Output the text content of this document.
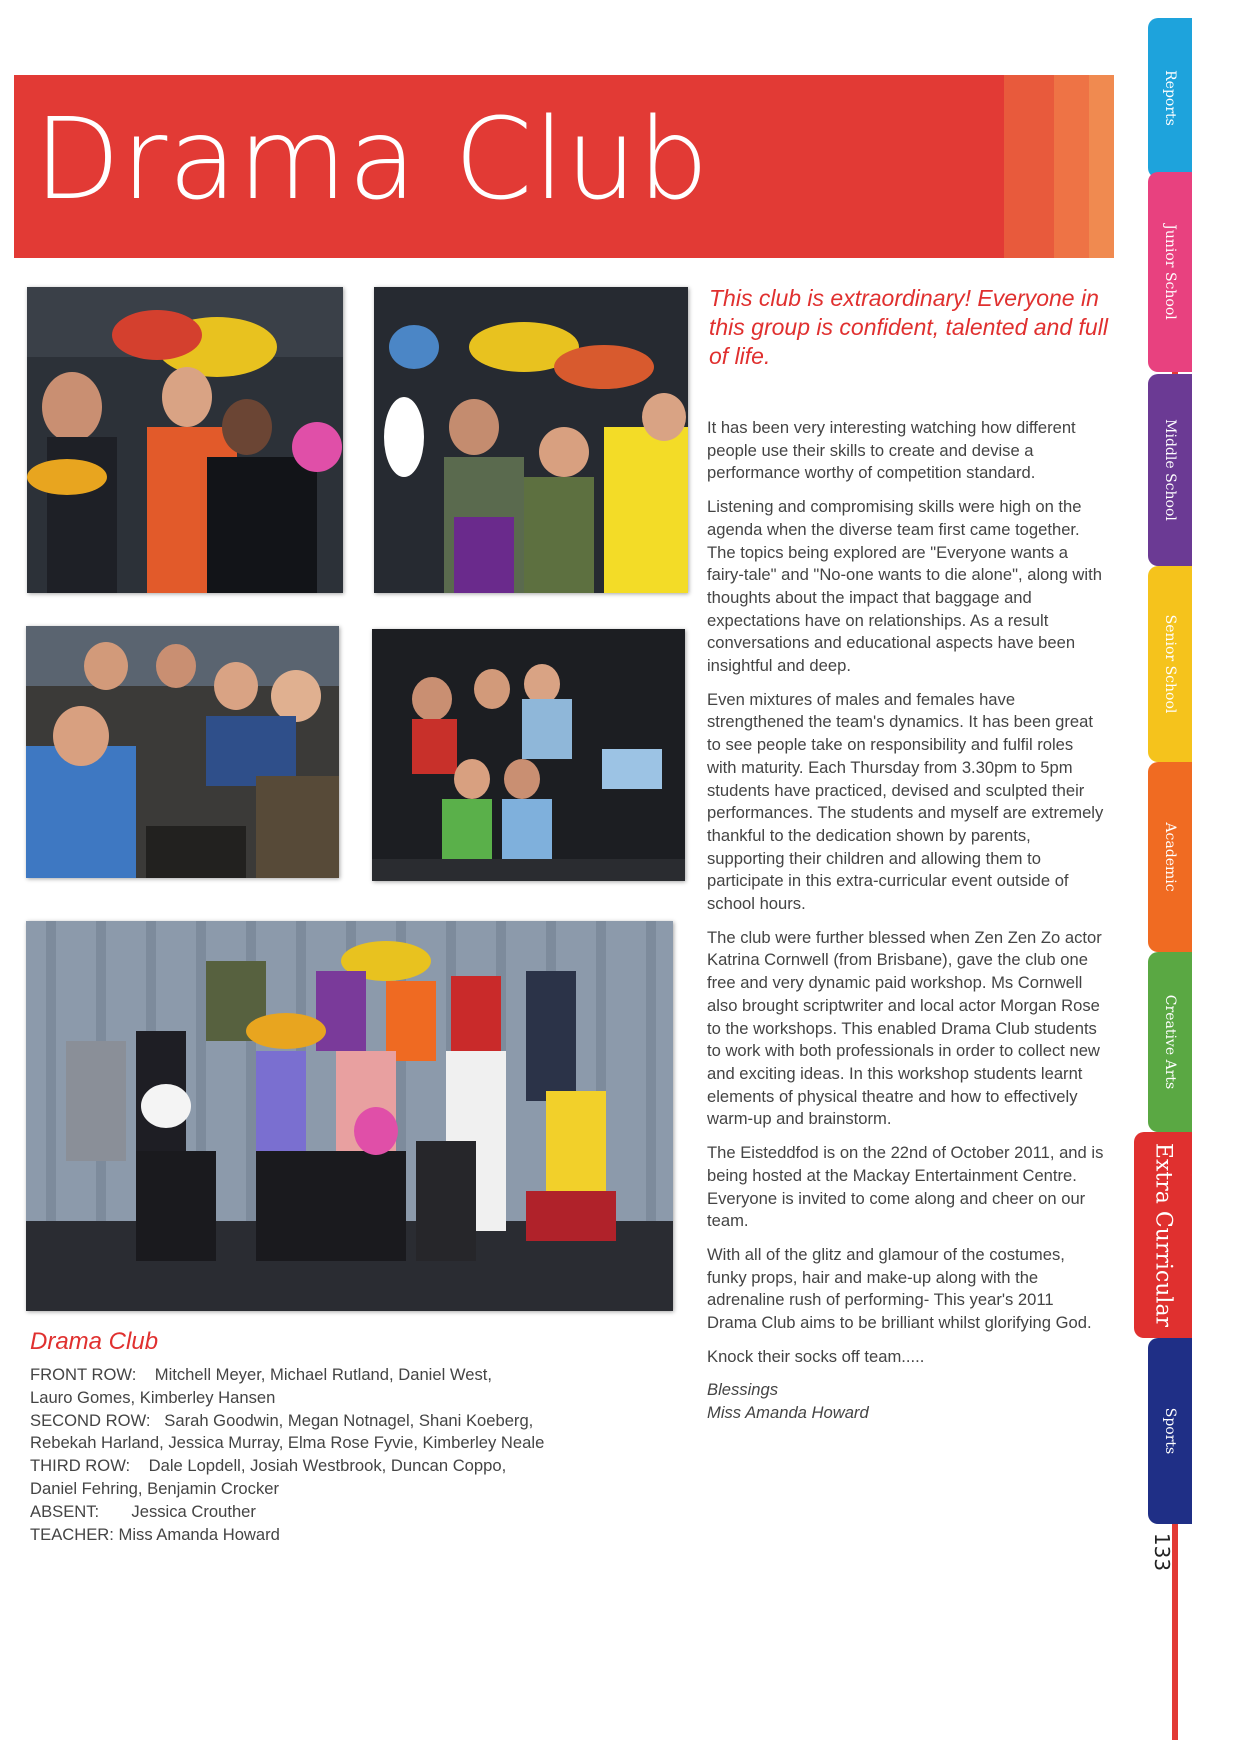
Drama Club

This club is extraordinary! Everyone in this group is confident, talented and full of life.

It has been very interesting watching how different people use their skills to create and devise a performance worthy of competition standard.

Listening and compromising skills were high on the agenda when the diverse team first came together. The topics being explored are "Everyone wants a fairy-tale" and "No-one wants to die alone", along with thoughts about the impact that baggage and expectations have on relationships. As a result conversations and educational aspects have been insightful and deep.

Even mixtures of males and females have strengthened the team's dynamics. It has been great to see people take on responsibility and fulfil roles with maturity. Each Thursday from 3.30pm to 5pm students have practiced, devised and sculpted their performances. The students and myself are extremely thankful to the dedication shown by parents, supporting their children and allowing them to participate in this extra-curricular event outside of school hours.

The club were further blessed when Zen Zen Zo actor Katrina Cornwell (from Brisbane), gave the club one free and very dynamic paid workshop. Ms Cornwell also brought scriptwriter and local actor Morgan Rose to the workshops. This enabled Drama Club students to work with both professionals in order to collect new and exciting ideas. In this workshop students learnt elements of physical theatre and how to effectively warm-up and brainstorm.

The Eisteddfod is on the 22nd of October 2011, and is being hosted at the Mackay Entertainment Centre. Everyone is invited to come along and cheer on our team.

With all of the glitz and glamour of the costumes, funky props, hair and make-up along with the adrenaline rush of performing- This year's 2011 Drama Club aims to be brilliant whilst glorifying God.

Knock their socks off team.....

Blessings
Miss Amanda Howard

Drama Club

FRONT ROW:    Mitchell Meyer, Michael Rutland, Daniel West,
Lauro Gomes, Kimberley Hansen
SECOND ROW:   Sarah Goodwin, Megan Notnagel, Shani Koeberg,
Rebekah Harland, Jessica Murray, Elma Rose Fyvie, Kimberley Neale
THIRD ROW:    Dale Lopdell, Josiah Westbrook, Duncan Coppo,
Daniel Fehring, Benjamin Crocker
ABSENT:       Jessica Crouther
TEACHER: Miss Amanda Howard

Reports
Junior School
Middle School
Senior School
Academic
Creative Arts
Extra Curricular
Sports
133
